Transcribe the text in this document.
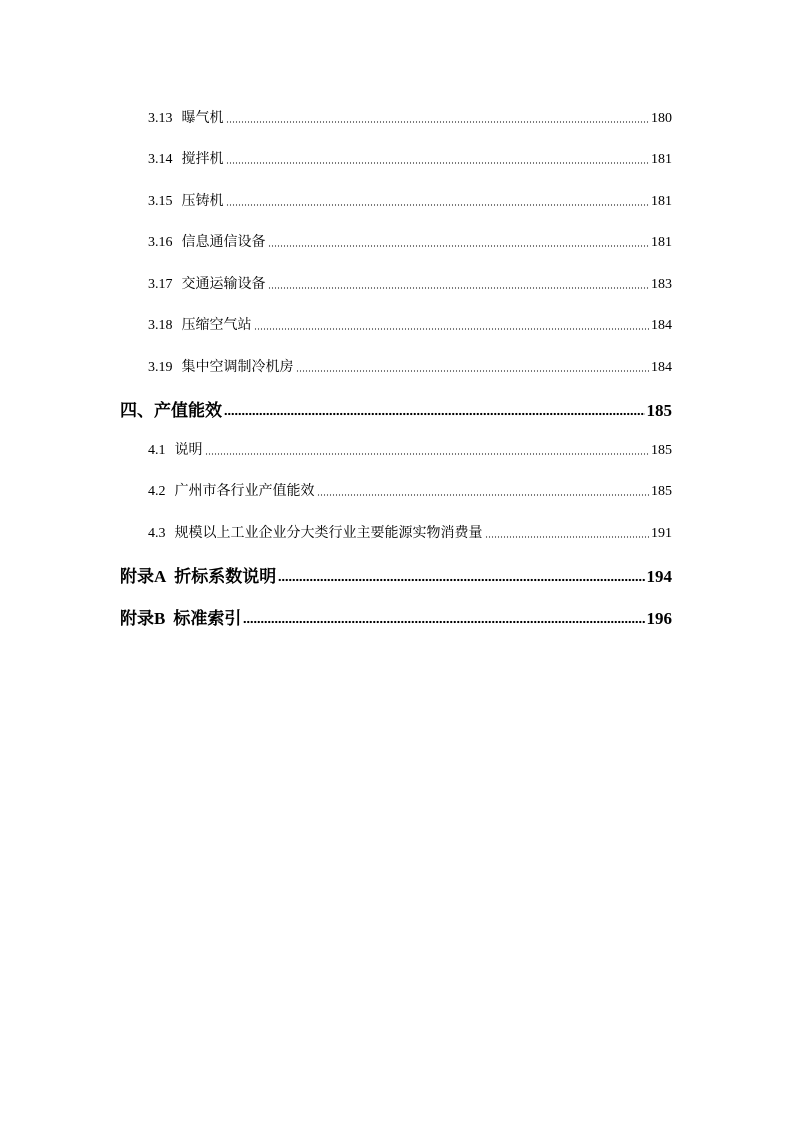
3.13 曝气机	180
3.14 搅拌机	181
3.15 压铸机	181
3.16 信息通信设备	181
3.17 交通运输设备	183
3.18 压缩空气站	184
3.19 集中空调制冷机房	184
四、产值能效	185
4.1 说明	185
4.2 广州市各行业产值能效	185
4.3 规模以上工业企业分大类行业主要能源实物消费量	191
附录A 折标系数说明	194
附录B 标准索引	196
